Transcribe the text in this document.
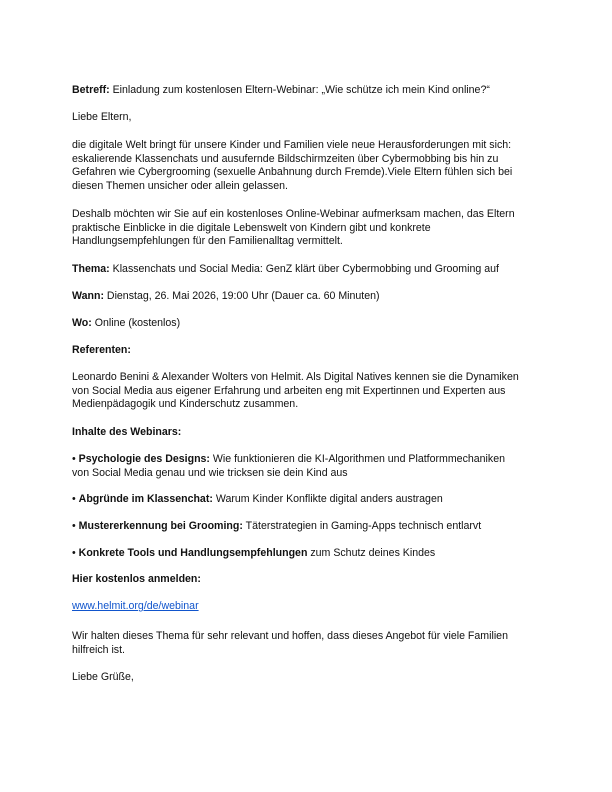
Betreff: Einladung zum kostenlosen Eltern-Webinar: „Wie schütze ich mein Kind online?“

Liebe Eltern,

die digitale Welt bringt für unsere Kinder und Familien viele neue Herausforderungen mit sich:
eskalierende Klassenchats und ausufernde Bildschirmzeiten über Cybermobbing bis hin zu
Gefahren wie Cybergrooming (sexuelle Anbahnung durch Fremde).Viele Eltern fühlen sich bei
diesen Themen unsicher oder allein gelassen.
Deshalb möchten wir Sie auf ein kostenloses Online-Webinar aufmerksam machen, das Eltern
praktische Einblicke in die digitale Lebenswelt von Kindern gibt und konkrete
Handlungsempfehlungen für den Familienalltag vermittelt.

Thema: Klassenchats und Social Media: GenZ klärt über Cybermobbing und Grooming auf

Wann: Dienstag, 26. Mai 2026, 19:00 Uhr (Dauer ca. 60 Minuten)

Wo: Online (kostenlos)

Referenten:

Leonardo Benini & Alexander Wolters von Helmit. Als Digital Natives kennen sie die Dynamiken
von Social Media aus eigener Erfahrung und arbeiten eng mit Expertinnen und Experten aus
Medienpädagogik und Kinderschutz zusammen.

Inhalte des Webinars:

• Psychologie des Designs: Wie funktionieren die KI-Algorithmen und Platformmechaniken
von Social Media genau und wie tricksen sie dein Kind aus

• Abgründe im Klassenchat: Warum Kinder Konflikte digital anders austragen

• Mustererkennung bei Grooming: Täterstrategien in Gaming-Apps technisch entlarvt

• Konkrete Tools und Handlungsempfehlungen zum Schutz deines Kindes

Hier kostenlos anmelden:

www.helmit.org/de/webinar

Wir halten dieses Thema für sehr relevant und hoffen, dass dieses Angebot für viele Familien
hilfreich ist.

Liebe Grüße,
